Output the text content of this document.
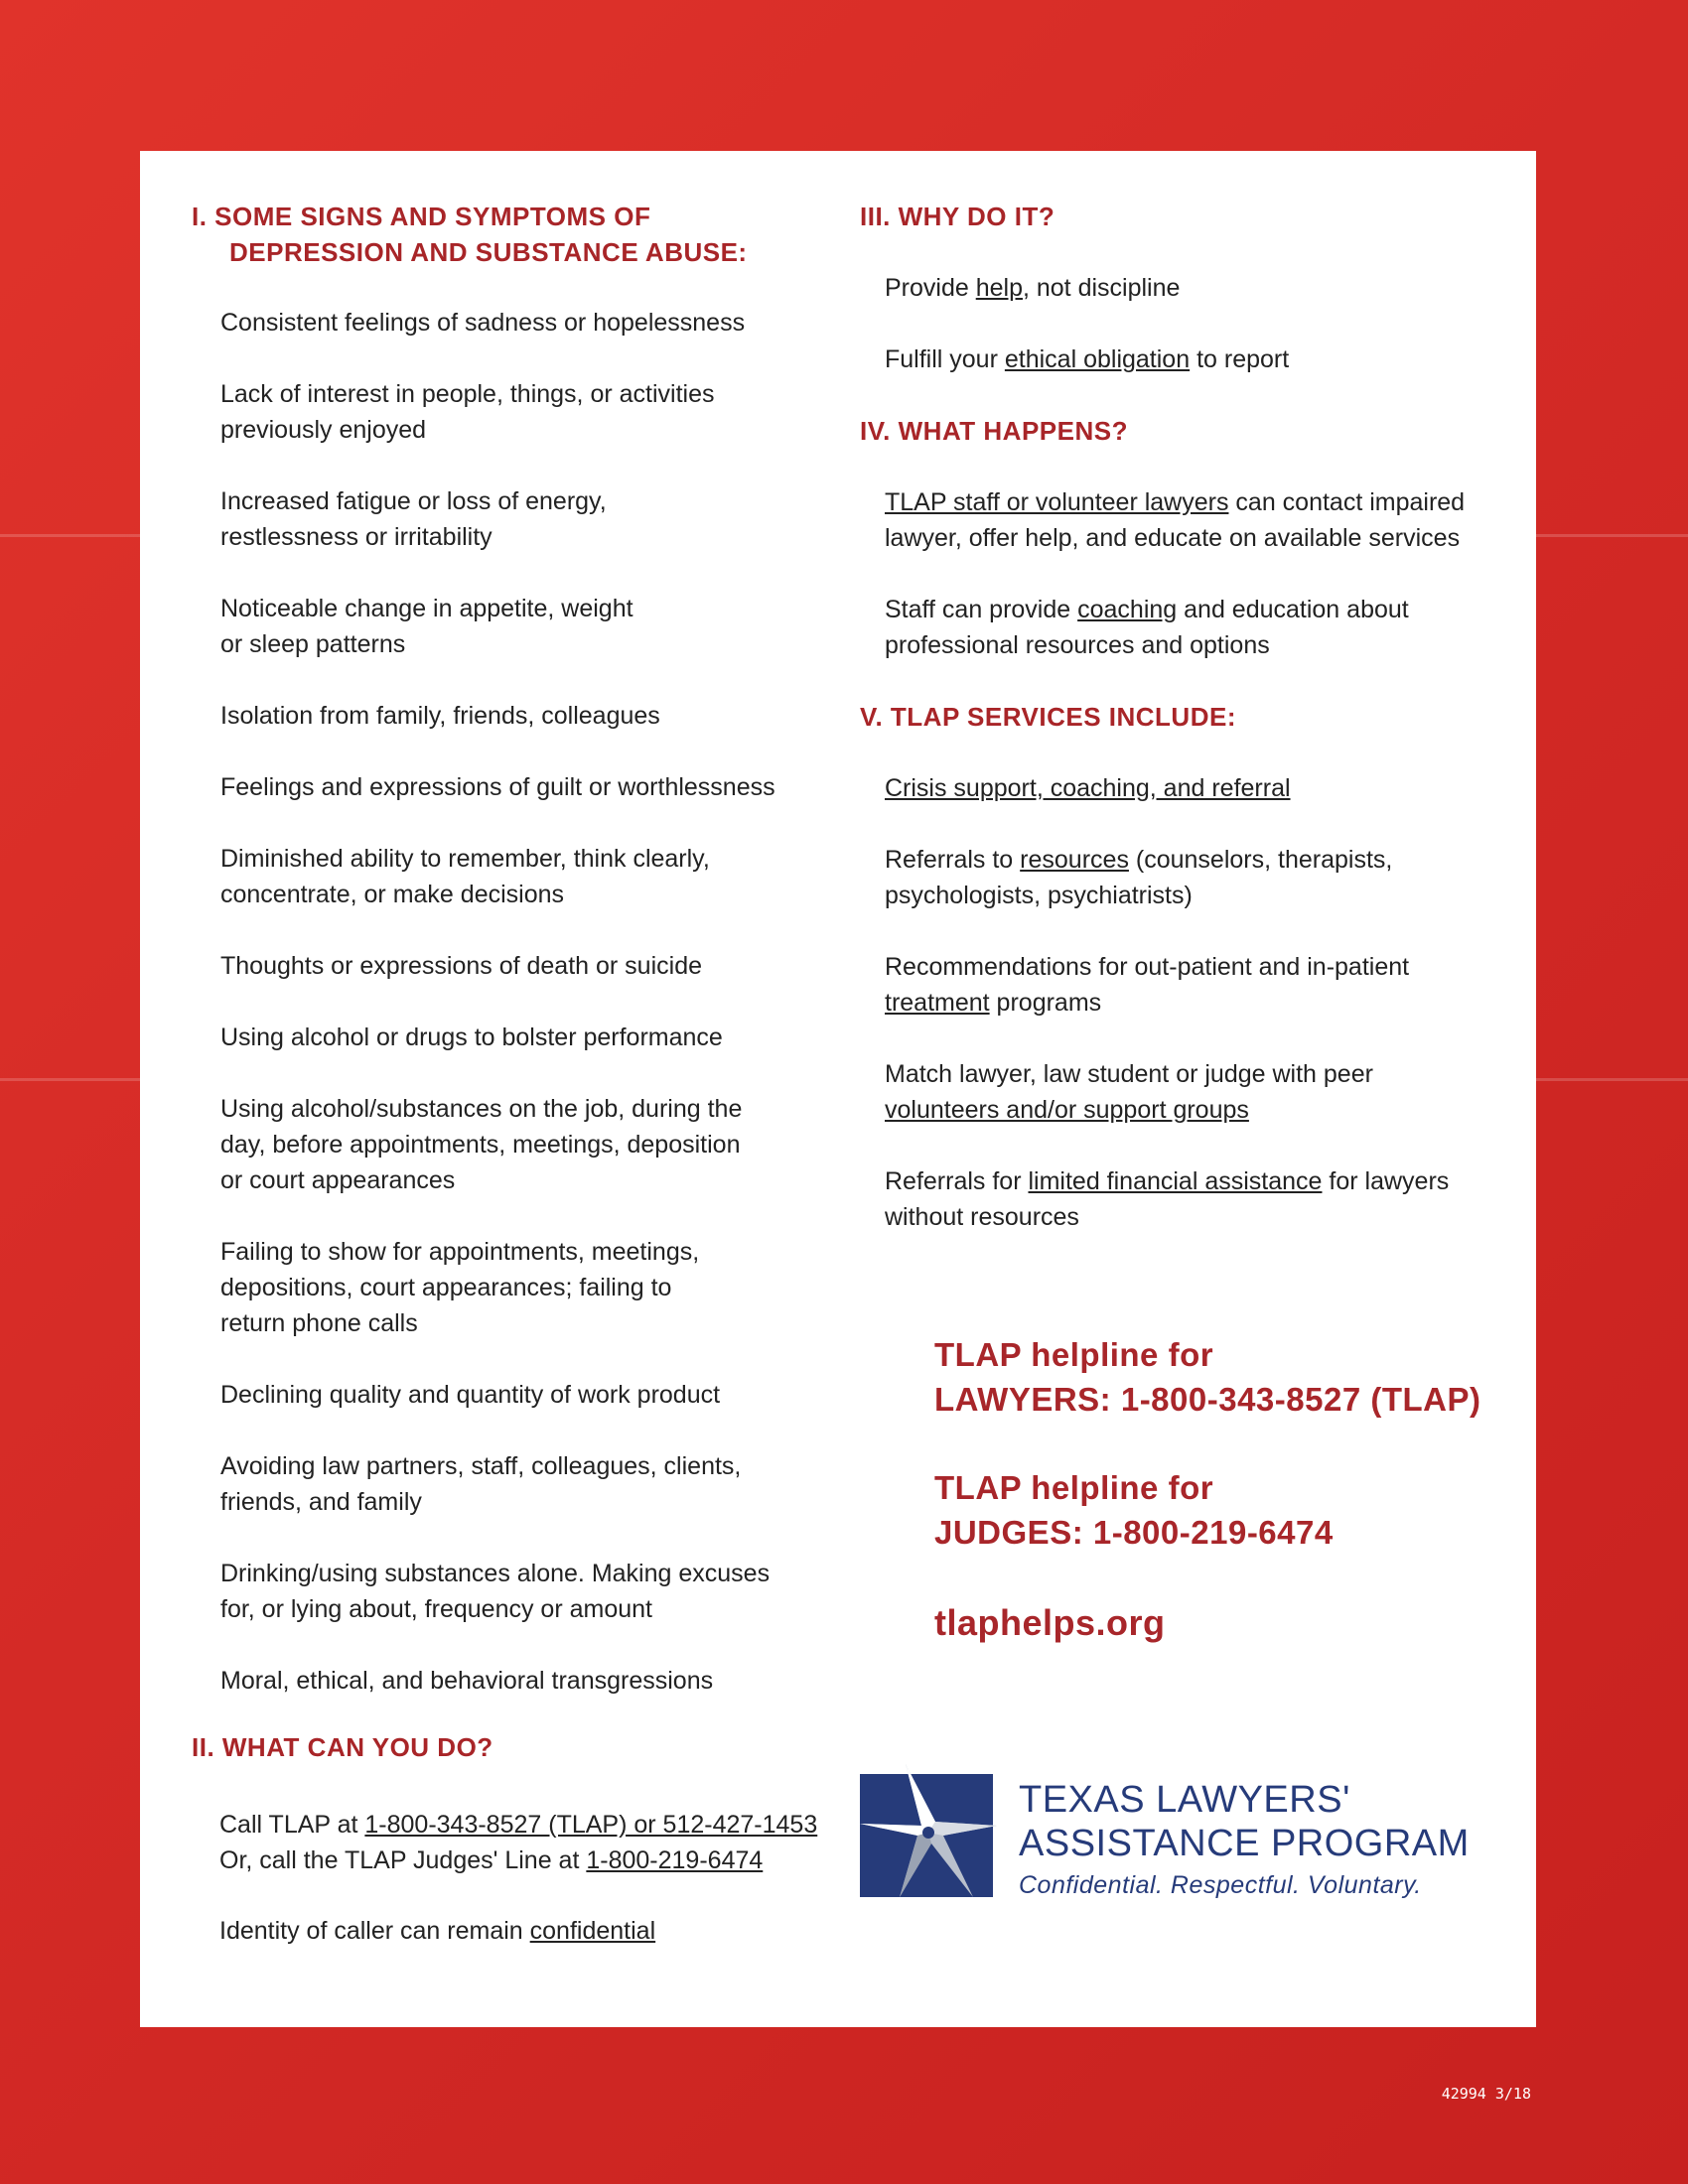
I. SOME SIGNS AND SYMPTOMS OF
DEPRESSION AND SUBSTANCE ABUSE:
Consistent feelings of sadness or hopelessness
Lack of interest in people, things, or activities
previously enjoyed
Increased fatigue or loss of energy,
restlessness or irritability
Noticeable change in appetite, weight
or sleep patterns
Isolation from family, friends, colleagues
Feelings and expressions of guilt or worthlessness
Diminished ability to remember, think clearly,
concentrate, or make decisions
Thoughts or expressions of death or suicide
Using alcohol or drugs to bolster performance
Using alcohol/substances on the job, during the
day, before appointments, meetings, deposition
or court appearances
Failing to show for appointments, meetings,
depositions, court appearances; failing to
return phone calls
Declining quality and quantity of work product
Avoiding law partners, staff, colleagues, clients,
friends, and family
Drinking/using substances alone. Making excuses
for, or lying about, frequency or amount
Moral, ethical, and behavioral transgressions
II. WHAT CAN YOU DO?
Call TLAP at 1-800-343-8527 (TLAP) or 512-427-1453
Or, call the TLAP Judges' Line at 1-800-219-6474
Identity of caller can remain confidential
III. WHY DO IT?
Provide help, not discipline
Fulfill your ethical obligation to report
IV. WHAT HAPPENS?
TLAP staff or volunteer lawyers can contact impaired
lawyer, offer help, and educate on available services
Staff can provide coaching and education about
professional resources and options
V. TLAP SERVICES INCLUDE:
Crisis support, coaching, and referral
Referrals to resources (counselors, therapists,
psychologists, psychiatrists)
Recommendations for out-patient and in-patient
treatment programs
Match lawyer, law student or judge with peer
volunteers and/or support groups
Referrals for limited financial assistance for lawyers
without resources
TLAP helpline for
LAWYERS: 1-800-343-8527 (TLAP)
TLAP helpline for
JUDGES: 1-800-219-6474
tlaphelps.org
TEXAS LAWYERS'
ASSISTANCE PROGRAM
Confidential. Respectful. Voluntary.
42994 3/18
